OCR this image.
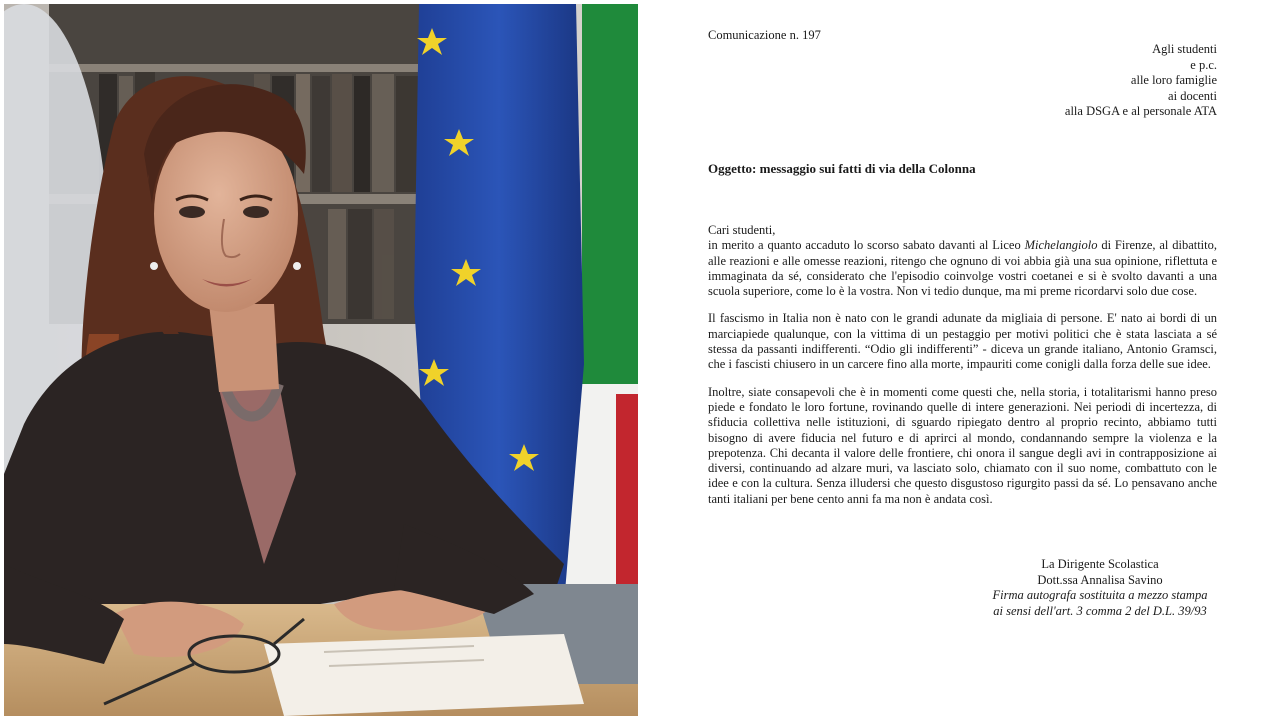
Comunicazione n. 197
Agli studenti
e p.c.
alle loro famiglie
ai docenti
alla DSGA e al personale ATA
Oggetto: messaggio sui fatti di via della Colonna

Cari studenti,

in merito a quanto accaduto lo scorso sabato davanti al Liceo Michelangiolo di Firenze, al dibattito, alle reazioni e alle omesse reazioni, ritengo che ognuno di voi abbia già una sua opinione, riflettuta e immaginata da sé, considerato che l'episodio coinvolge vostri coetanei e si è svolto davanti a una scuola superiore, come lo è la vostra. Non vi tedio dunque, ma mi preme ricordarvi solo due cose.

Il fascismo in Italia non è nato con le grandi adunate da migliaia di persone. E' nato ai bordi di un marciapiede qualunque, con la vittima di un pestaggio per motivi politici che è stata lasciata a sé stessa da passanti indifferenti. “Odio gli indifferenti” - diceva un grande italiano, Antonio Gramsci, che i fascisti chiusero in un carcere fino alla morte, impauriti come conigli dalla forza delle sue idee.

Inoltre, siate consapevoli che è in momenti come questi che, nella storia, i totalitarismi hanno preso piede e fondato le loro fortune, rovinando quelle di intere generazioni. Nei periodi di incertezza, di sfiducia collettiva nelle istituzioni, di sguardo ripiegato dentro al proprio recinto, abbiamo tutti bisogno di avere fiducia nel futuro e di aprirci al mondo, condannando sempre la violenza e la prepotenza. Chi decanta il valore delle frontiere, chi onora il sangue degli avi in contrapposizione ai diversi, continuando ad alzare muri, va lasciato solo, chiamato con il suo nome, combattuto con le idee e con la cultura. Senza illudersi che questo disgustoso rigurgito passi da sé. Lo pensavano anche tanti italiani per bene cento anni fa ma non è andata così.

La Dirigente Scolastica
Dott.ssa Annalisa Savino
Firma autografa sostituita a mezzo stampa
ai sensi dell'art. 3 comma 2 del D.L. 39/93
